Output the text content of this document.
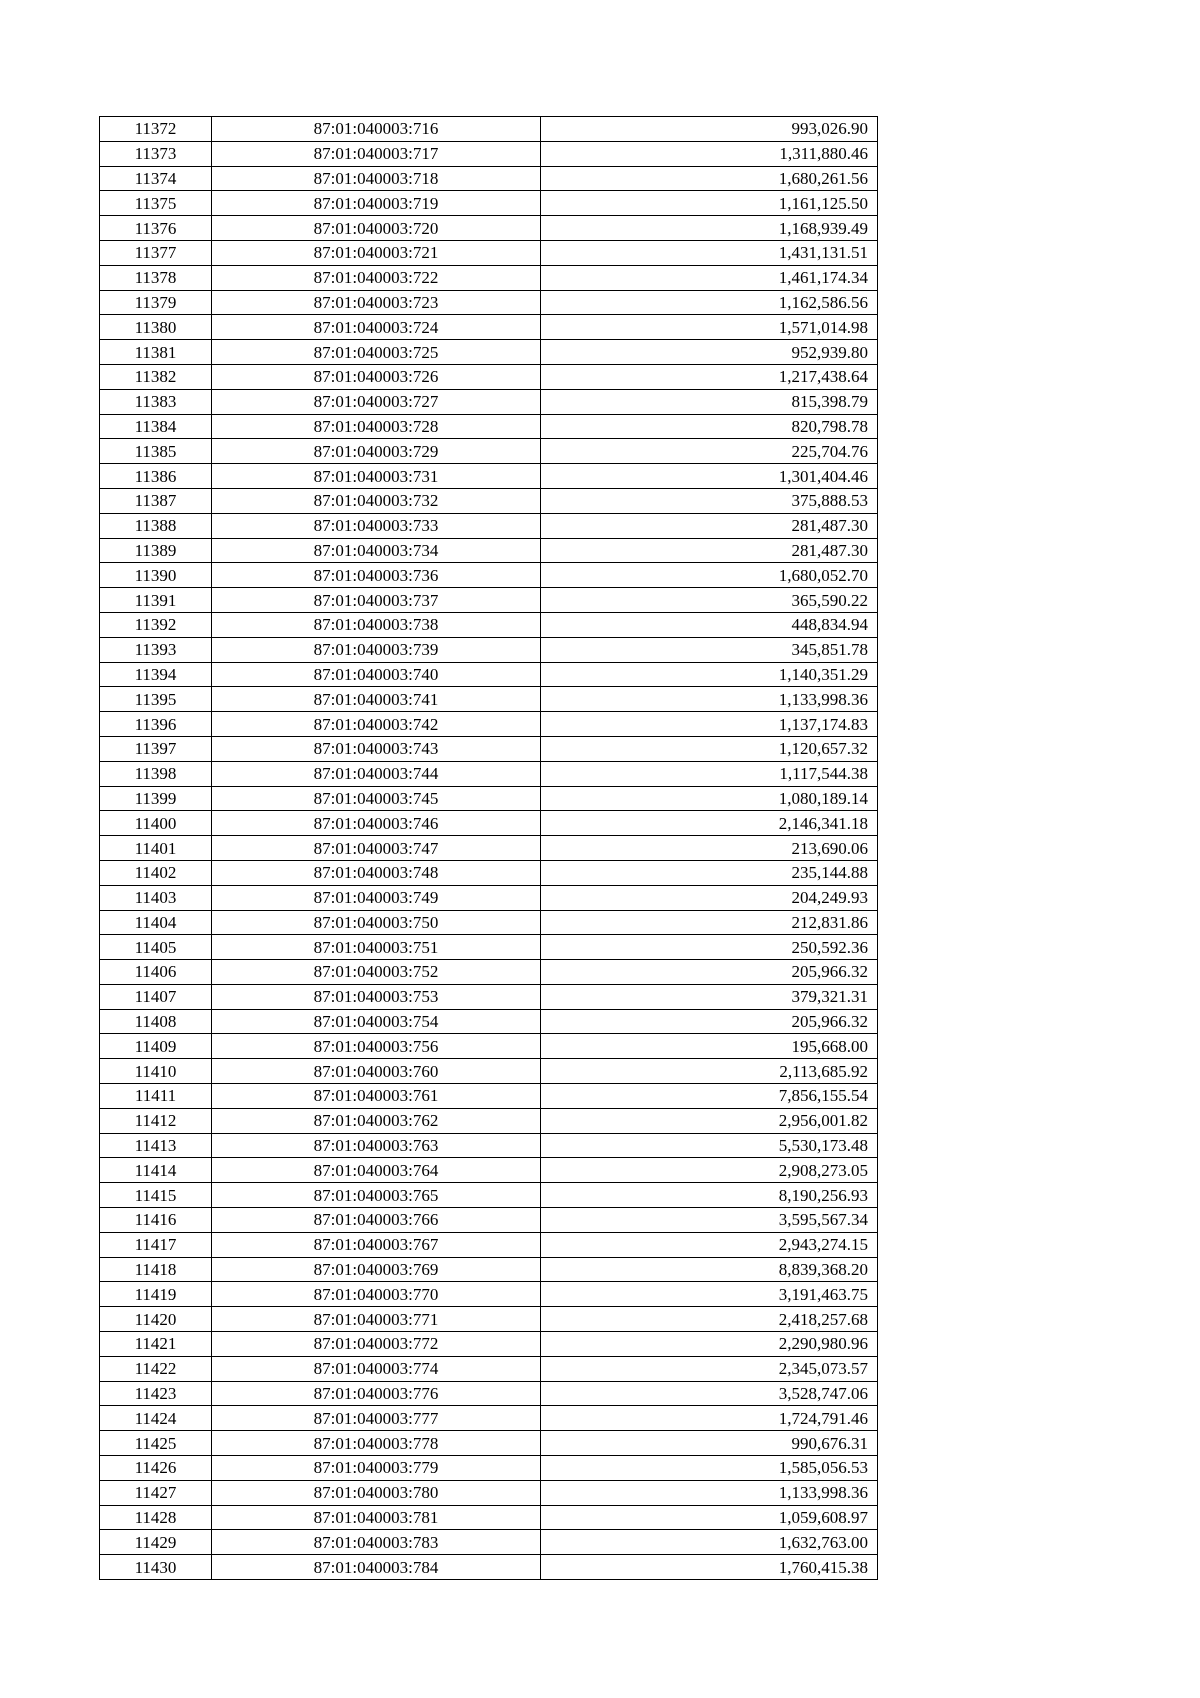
11372	87:01:040003:716	993,026.90
11373	87:01:040003:717	1,311,880.46
11374	87:01:040003:718	1,680,261.56
11375	87:01:040003:719	1,161,125.50
11376	87:01:040003:720	1,168,939.49
11377	87:01:040003:721	1,431,131.51
11378	87:01:040003:722	1,461,174.34
11379	87:01:040003:723	1,162,586.56
11380	87:01:040003:724	1,571,014.98
11381	87:01:040003:725	952,939.80
11382	87:01:040003:726	1,217,438.64
11383	87:01:040003:727	815,398.79
11384	87:01:040003:728	820,798.78
11385	87:01:040003:729	225,704.76
11386	87:01:040003:731	1,301,404.46
11387	87:01:040003:732	375,888.53
11388	87:01:040003:733	281,487.30
11389	87:01:040003:734	281,487.30
11390	87:01:040003:736	1,680,052.70
11391	87:01:040003:737	365,590.22
11392	87:01:040003:738	448,834.94
11393	87:01:040003:739	345,851.78
11394	87:01:040003:740	1,140,351.29
11395	87:01:040003:741	1,133,998.36
11396	87:01:040003:742	1,137,174.83
11397	87:01:040003:743	1,120,657.32
11398	87:01:040003:744	1,117,544.38
11399	87:01:040003:745	1,080,189.14
11400	87:01:040003:746	2,146,341.18
11401	87:01:040003:747	213,690.06
11402	87:01:040003:748	235,144.88
11403	87:01:040003:749	204,249.93
11404	87:01:040003:750	212,831.86
11405	87:01:040003:751	250,592.36
11406	87:01:040003:752	205,966.32
11407	87:01:040003:753	379,321.31
11408	87:01:040003:754	205,966.32
11409	87:01:040003:756	195,668.00
11410	87:01:040003:760	2,113,685.92
11411	87:01:040003:761	7,856,155.54
11412	87:01:040003:762	2,956,001.82
11413	87:01:040003:763	5,530,173.48
11414	87:01:040003:764	2,908,273.05
11415	87:01:040003:765	8,190,256.93
11416	87:01:040003:766	3,595,567.34
11417	87:01:040003:767	2,943,274.15
11418	87:01:040003:769	8,839,368.20
11419	87:01:040003:770	3,191,463.75
11420	87:01:040003:771	2,418,257.68
11421	87:01:040003:772	2,290,980.96
11422	87:01:040003:774	2,345,073.57
11423	87:01:040003:776	3,528,747.06
11424	87:01:040003:777	1,724,791.46
11425	87:01:040003:778	990,676.31
11426	87:01:040003:779	1,585,056.53
11427	87:01:040003:780	1,133,998.36
11428	87:01:040003:781	1,059,608.97
11429	87:01:040003:783	1,632,763.00
11430	87:01:040003:784	1,760,415.38
